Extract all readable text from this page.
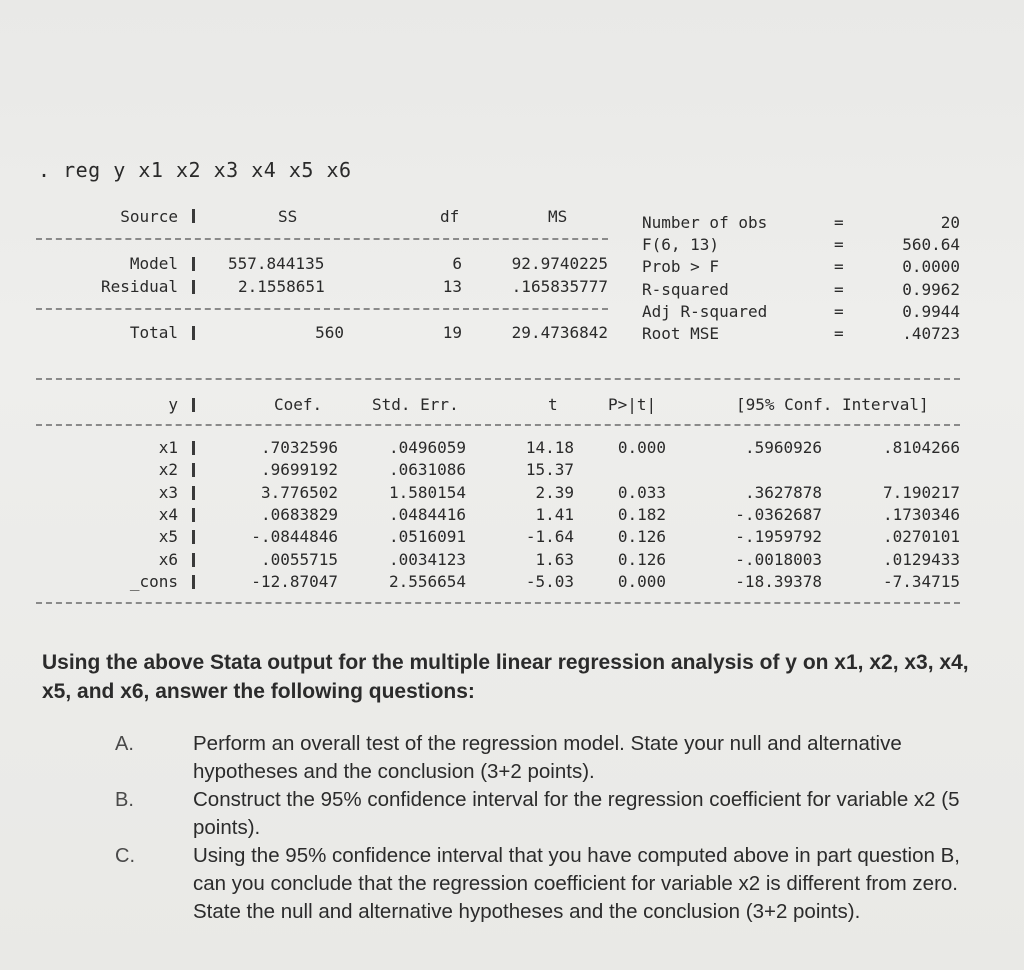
. reg y x1 x2 x3 x4 x5 x6
Source	SS	df	MS
Model	557.844135	6	92.9740225
Residual	2.1558651	13	.165835777
Total	560	19	29.4736842
Number of obs	=	20
F(6, 13)	=	560.64
Prob > F	=	0.0000
R-squared	=	0.9962
Adj R-squared	=	0.9944
Root MSE	=	.40723
y	Coef.	Std. Err.	t	P>|t|	[95% Conf. Interval]
x1	.7032596	.0496059	14.18	0.000	.5960926	.8104266
x2	.9699192	.0631086	15.37
x3	3.776502	1.580154	2.39	0.033	.3627878	7.190217
x4	.0683829	.0484416	1.41	0.182	-.0362687	.1730346
x5	-.0844846	.0516091	-1.64	0.126	-.1959792	.0270101
x6	.0055715	.0034123	1.63	0.126	-.0018003	.0129433
_cons	-12.87047	2.556654	-5.03	0.000	-18.39378	-7.34715
Using the above Stata output for the multiple linear regression analysis of y on x1, x2, x3, x4, x5, and x6, answer the following questions:
A.	Perform an overall test of the regression model. State your null and alternative hypotheses and the conclusion (3+2 points).
B.	Construct the 95% confidence interval for the regression coefficient for variable x2 (5 points).
C.	Using the 95% confidence interval that you have computed above in part question B, can you conclude that the regression coefficient for variable x2 is different from zero. State the null and alternative hypotheses and the conclusion (3+2 points).
